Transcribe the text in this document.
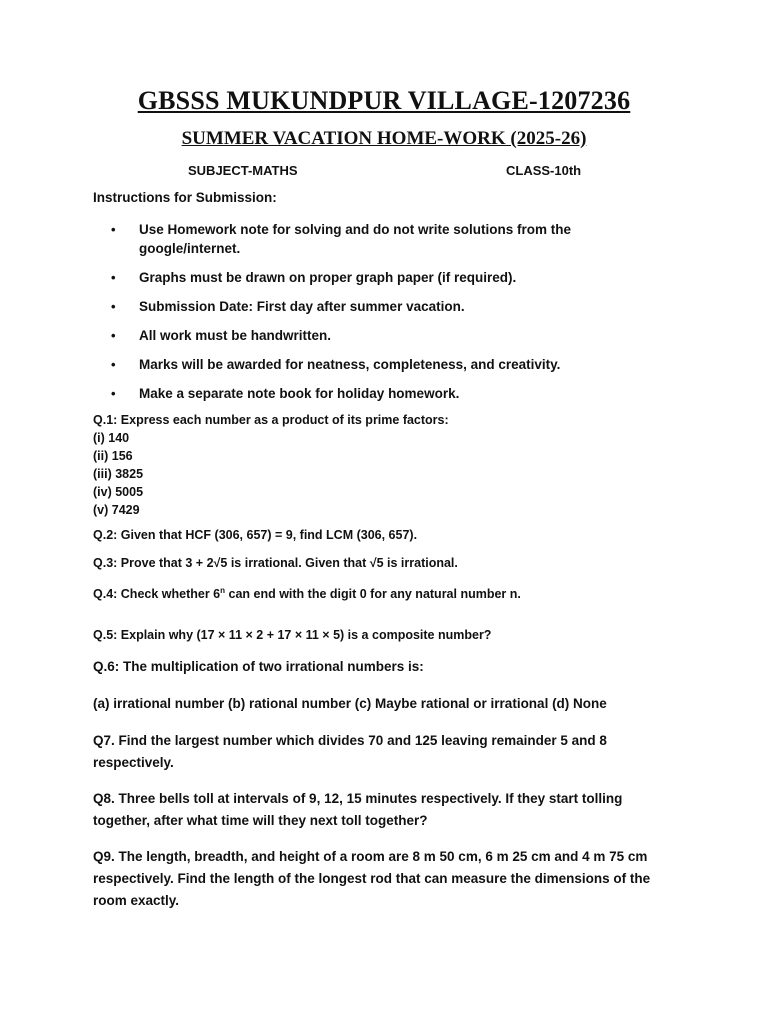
GBSSS MUKUNDPUR VILLAGE-1207236
SUMMER VACATION HOME-WORK (2025-26)
SUBJECT-MATHS	CLASS-10th
Instructions for Submission:
• Use Homework note for solving and do not write solutions from the google/internet.
• Graphs must be drawn on proper graph paper (if required).
• Submission Date: First day after summer vacation.
• All work must be handwritten.
• Marks will be awarded for neatness, completeness, and creativity.
• Make a separate note book for holiday homework.
Q.1: Express each number as a product of its prime factors:
(i) 140
(ii) 156
(iii) 3825
(iv) 5005
(v) 7429
Q.2: Given that HCF (306, 657) = 9, find LCM (306, 657).
Q.3: Prove that 3 + 2√5 is irrational. Given that √5 is irrational.
Q.4: Check whether 6$^n$ can end with the digit 0 for any natural number n.
Q.5: Explain why (17 × 11 × 2 + 17 × 11 × 5) is a composite number?
Q.6: The multiplication of two irrational numbers is:
(a) irrational number (b) rational number (c) Maybe rational or irrational (d) None
Q7. Find the largest number which divides 70 and 125 leaving remainder 5 and 8 respectively.
Q8. Three bells toll at intervals of 9, 12, 15 minutes respectively. If they start tolling together, after what time will they next toll together?
Q9. The length, breadth, and height of a room are 8 m 50 cm, 6 m 25 cm and 4 m 75 cm respectively. Find the length of the longest rod that can measure the dimensions of the room exactly.
